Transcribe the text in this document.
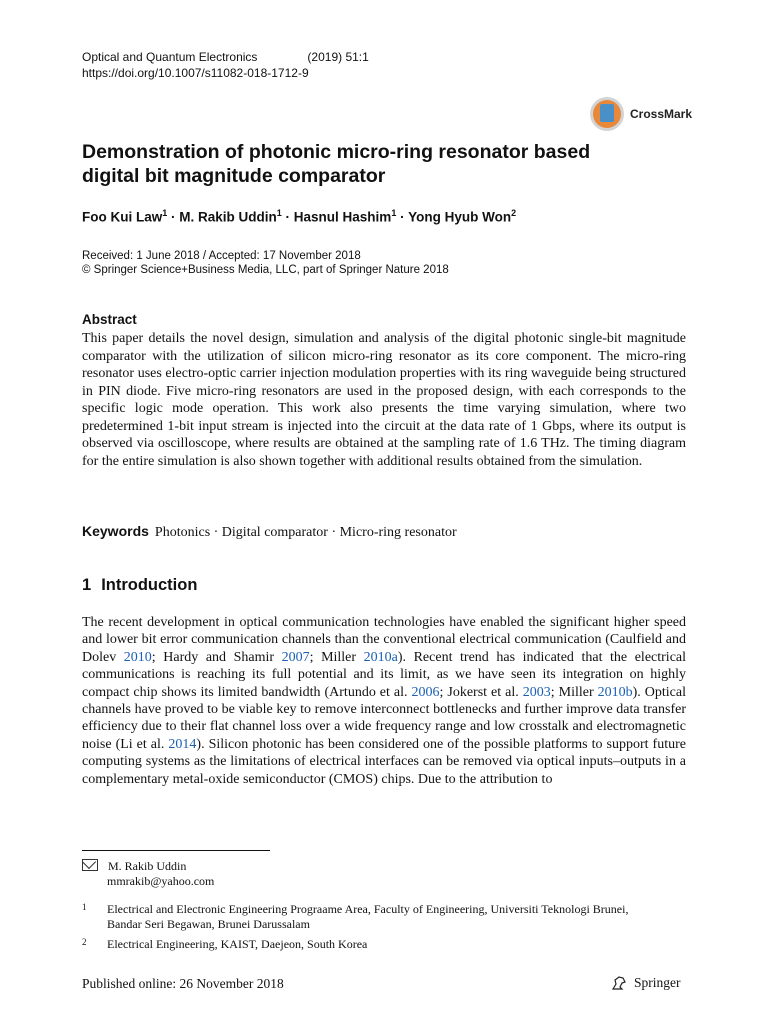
Optical and Quantum Electronics	(2019) 51:1
https://doi.org/10.1007/s11082-018-1712-9
CrossMark
Demonstration of photonic micro-ring resonator based digital bit magnitude comparator
Foo Kui Law$^1$ · M. Rakib Uddin$^1$ · Hasnul Hashim$^1$ · Yong Hyub Won$^2$
Received: 1 June 2018 / Accepted: 17 November 2018
© Springer Science+Business Media, LLC, part of Springer Nature 2018
Abstract
This paper details the novel design, simulation and analysis of the digital photonic single-bit magnitude comparator with the utilization of silicon micro-ring resonator as its core component. The micro-ring resonator uses electro-optic carrier injection modulation properties with its ring waveguide being structured in PIN diode. Five micro-ring resonators are used in the proposed design, with each corresponds to the specific logic mode operation. This work also presents the time varying simulation, where two predetermined 1-bit input stream is injected into the circuit at the data rate of 1 Gbps, where its output is observed via oscilloscope, where results are obtained at the sampling rate of 1.6 THz. The timing diagram for the entire simulation is also shown together with additional results obtained from the simulation.
Keywords Photonics · Digital comparator · Micro-ring resonator
1 Introduction
The recent development in optical communication technologies have enabled the significant higher speed and lower bit error communication channels than the conventional electrical communication (Caulfield and Dolev 2010; Hardy and Shamir 2007; Miller 2010a). Recent trend has indicated that the electrical communications is reaching its full potential and its limit, as we have seen its integration on highly compact chip shows its limited bandwidth (Artundo et al. 2006; Jokerst et al. 2003; Miller 2010b). Optical channels have proved to be viable key to remove interconnect bottlenecks and further improve data transfer efficiency due to their flat channel loss over a wide frequency range and low crosstalk and electromagnetic noise (Li et al. 2014). Silicon photonic has been considered one of the possible platforms to support future computing systems as the limitations of electrical interfaces can be removed via optical inputs–outputs in a complementary metal-oxide semiconductor (CMOS) chips. Due to the attribution to
M. Rakib Uddin
mmrakib@yahoo.com
1 Electrical and Electronic Engineering Prograame Area, Faculty of Engineering, Universiti Teknologi Brunei, Bandar Seri Begawan, Brunei Darussalam
2 Electrical Engineering, KAIST, Daejeon, South Korea
Published online: 26 November 2018	Springer
